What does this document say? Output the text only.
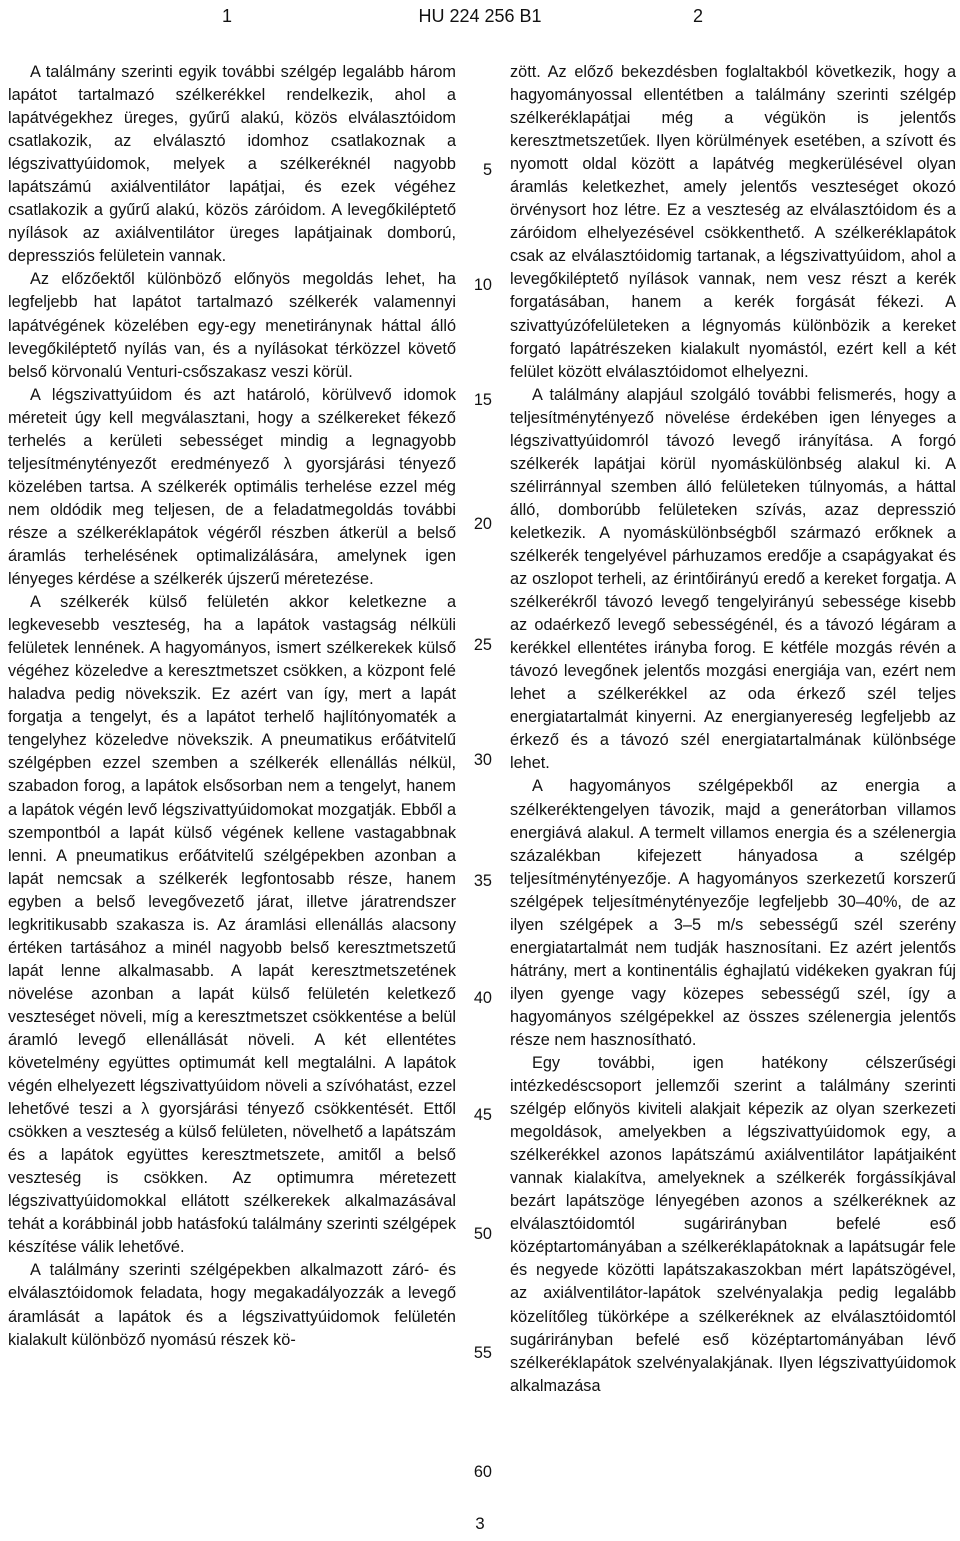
1	HU 224 256 B1	2

A találmány szerinti egyik további szélgép legalább három lapátot tartalmazó szélkerékkel rendelkezik, ahol a lapátvégekhez üreges, gyűrű alakú, közös elválasztóidom csatlakozik, az elválasztó idomhoz csatlakoznak a légszivattyúidomok, melyek a szélkeréknél nagyobb lapátszámú axiálventilátor lapátjai, és ezek végéhez csatlakozik a gyűrű alakú, közös záróidom. A levegőkiléptető nyílások az axiálventilátor üreges lapátjainak domború, depressziós felületein vannak.

Az előzőektől különböző előnyös megoldás lehet, ha legfeljebb hat lapátot tartalmazó szélkerék valamennyi lapátvégének közelében egy-egy menetiránynak háttal álló levegőkiléptető nyílás van, és a nyílásokat térközzel követő belső körvonalú Venturi-csőszakasz veszi körül.

A légszivattyúidom és azt határoló, körülvevő idomok méreteit úgy kell megválasztani, hogy a szélkereket fékező terhelés a kerületi sebességet mindig a legnagyobb teljesítménytényezőt eredményező λ gyorsjárási tényező közelében tartsa. A szélkerék optimális terhelése ezzel még nem oldódik meg teljesen, de a feladatmegoldás további része a szélkeréklapátok végéről részben átkerül a belső áramlás terhelésének optimalizálására, amelynek igen lényeges kérdése a szélkerék újszerű méretezése.

A szélkerék külső felületén akkor keletkezne a legkevesebb veszteség, ha a lapátok vastagság nélküli felületek lennének. A hagyományos, ismert szélkerekek külső végéhez közeledve a keresztmetszet csökken, a központ felé haladva pedig növekszik. Ez azért van így, mert a lapát forgatja a tengelyt, és a lapátot terhelő hajlítónyomaték a tengelyhez közeledve növekszik. A pneumatikus erőátvitelű szélgépben ezzel szemben a szélkerék ellenállás nélkül, szabadon forog, a lapátok elsősorban nem a tengelyt, hanem a lapátok végén levő légszivattyúidomokat mozgatják. Ebből a szempontból a lapát külső végének kellene vastagabbnak lenni. A pneumatikus erőátvitelű szélgépekben azonban a lapát nemcsak a szélkerék legfontosabb része, hanem egyben a belső levegővezető járat, illetve járatrendszer legkritikusabb szakasza is. Az áramlási ellenállás alacsony értéken tartásához a minél nagyobb belső keresztmetszetű lapát lenne alkalmasabb. A lapát keresztmetszetének növelése azonban a lapát külső felületén keletkező veszteséget növeli, míg a keresztmetszet csökkentése a belül áramló levegő ellenállását növeli. A két ellentétes követelmény együttes optimumát kell megtalálni. A lapátok végén elhelyezett légszivattyúidom növeli a szívóhatást, ezzel lehetővé teszi a λ gyorsjárási tényező csökkentését. Ettől csökken a veszteség a külső felületen, növelhető a lapátszám és a lapátok együttes keresztmetszete, amitől a belső veszteség is csökken. Az optimumra méretezett légszivattyúidomokkal ellátott szélkerekek alkalmazásával tehát a korábbinál jobb hatásfokú találmány szerinti szélgépek készítése válik lehetővé.

A találmány szerinti szélgépekben alkalmazott záró- és elválasztóidomok feladata, hogy megakadályozzák a levegő áramlását a lapátok és a légszivattyúidomok felületén kialakult különböző nyomású részek kö-

5
10
15
20
25
30
35
40
45
50
55
60

zött. Az előző bekezdésben foglaltakból következik, hogy a hagyományossal ellentétben a találmány szerinti szélgép szélkeréklapátjai még a végükön is jelentős keresztmetszetűek. Ilyen körülmények esetében, a szívott és nyomott oldal között a lapátvég megkerülésével olyan áramlás keletkezhet, amely jelentős veszteséget okozó örvénysort hoz létre. Ez a veszteség az elválasztóidom és a záróidom elhelyezésével csökkenthető. A szélkeréklapátok csak az elválasztóidomig tartanak, a légszivattyúidom, ahol a levegőkiléptető nyílások vannak, nem vesz részt a kerék forgatásában, hanem a kerék forgását fékezi. A szivattyúzófelületeken a légnyomás különbözik a kereket forgató lapátrészeken kialakult nyomástól, ezért kell a két felület között elválasztóidomot elhelyezni.

A találmány alapjául szolgáló további felismerés, hogy a teljesítménytényező növelése érdekében igen lényeges a légszivattyúidomról távozó levegő irányítása. A forgó szélkerék lapátjai körül nyomáskülönbség alakul ki. A szélirránnyal szemben álló felületeken túlnyomás, a háttal álló, domborúbb felületeken szívás, azaz depresszió keletkezik. A nyomáskülönbségből származó erőknek a szélkerék tengelyével párhuzamos eredője a csapágyakat és az oszlopot terheli, az érintőirányú eredő a kereket forgatja. A szélkerékről távozó levegő tengelyirányú sebessége kisebb az odaérkező levegő sebességénél, és a távozó légáram a kerékkel ellentétes irányba forog. E kétféle mozgás révén a távozó levegőnek jelentős mozgási energiája van, ezért nem lehet a szélkerékkel az oda érkező szél teljes energiatartalmát kinyerni. Az energianyereség legfeljebb az érkező és a távozó szél energiatartalmának különbsége lehet.

A hagyományos szélgépekből az energia a szélkeréktengelyen távozik, majd a generátorban villamos energiává alakul. A termelt villamos energia és a szélenergia százalékban kifejezett hányadosa a szélgép teljesítménytényezője. A hagyományos szerkezetű korszerű szélgépek teljesítménytényezője legfeljebb 30–40%, de az ilyen szélgépek a 3–5 m/s sebességű szél szerény energiatartalmát nem tudják hasznosítani. Ez azért jelentős hátrány, mert a kontinentális éghajlatú vidékeken gyakran fúj ilyen gyenge vagy közepes sebességű szél, így a hagyományos szélgépekkel az összes szélenergia jelentős része nem hasznosítható.

Egy további, igen hatékony célszerűségi intézkedéscsoport jellemzői szerint a találmány szerinti szélgép előnyös kiviteli alakjait képezik az olyan szerkezeti megoldások, amelyekben a légszivattyúidomok egy, a szélkerékkel azonos lapátszámú axiálventilátor lapátjaiként vannak kialakítva, amelyeknek a szélkerék forgássíkjával bezárt lapátszöge lényegében azonos a szélkeréknek az elválasztóidomtól sugárirányban befelé eső középtartományában a szélkeréklapátoknak a lapátsugár fele és negyede közötti lapátszakaszokban mért lapátszögével, az axiálventilátor-lapátok szelvényalakja pedig legalább közelítőleg tükörképe a szélkeréknek az elválasztóidomtól sugárirányban befelé eső középtartományában lévő szélkeréklapátok szelvényalakjának. Ilyen légszivattyúidomok alkalmazása

3
